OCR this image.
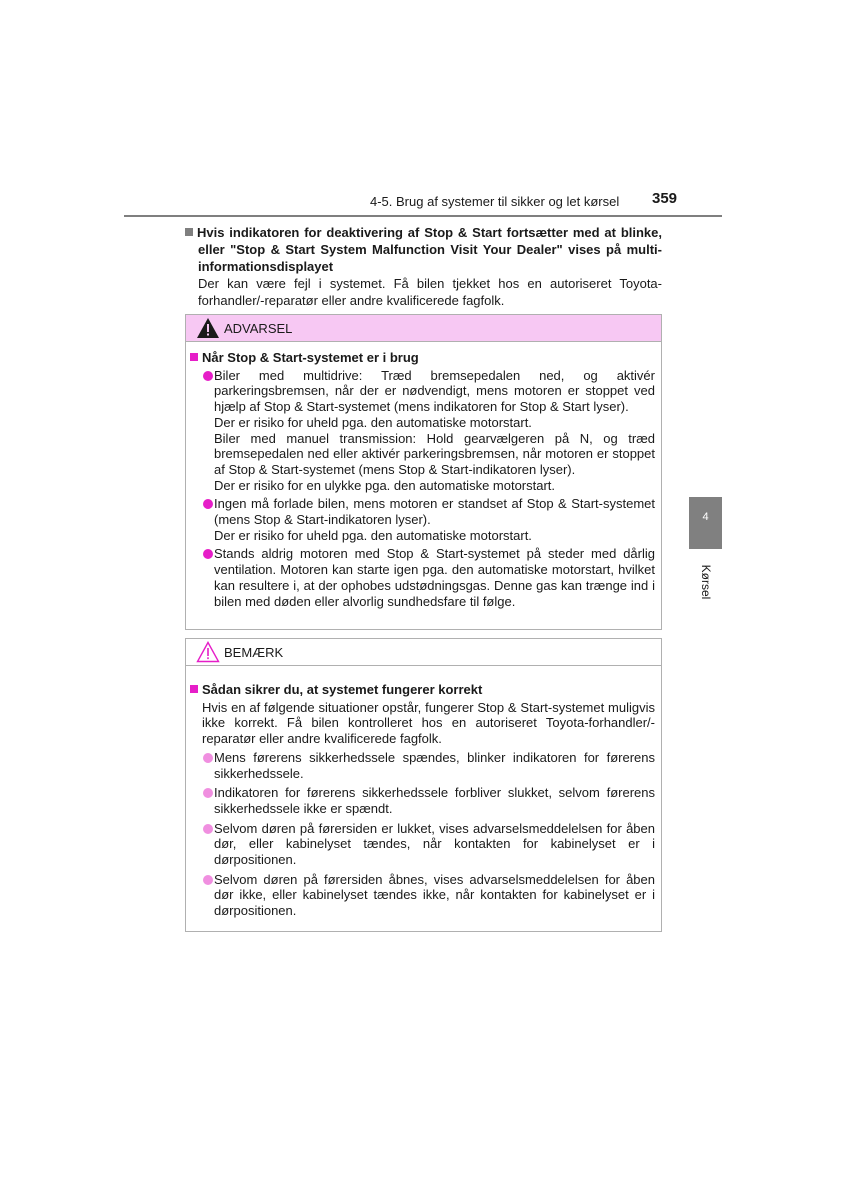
4-5. Brug af systemer til sikker og let kørsel 359
Hvis indikatoren for deaktivering af Stop & Start fortsætter med at blinke, eller "Stop & Start System Malfunction Visit Your Dealer" vises på multi-informationsdisplayet
Der kan være fejl i systemet. Få bilen tjekket hos en autoriseret Toyota-forhandler/-reparatør eller andre kvalificerede fagfolk.
ADVARSEL
Når Stop & Start-systemet er i brug
Biler med multidrive: Træd bremsepedalen ned, og aktivér parkeringsbremsen, når der er nødvendigt, mens motoren er stoppet ved hjælp af Stop & Start-systemet (mens indikatoren for Stop & Start lyser).
Der er risiko for uheld pga. den automatiske motorstart.
Biler med manuel transmission: Hold gearvælgeren på N, og træd bremsepedalen ned eller aktivér parkeringsbremsen, når motoren er stoppet af Stop & Start-systemet (mens Stop & Start-indikatoren lyser).
Der er risiko for en ulykke pga. den automatiske motorstart.
Ingen må forlade bilen, mens motoren er standset af Stop & Start-systemet (mens Stop & Start-indikatoren lyser).
Der er risiko for uheld pga. den automatiske motorstart.
Stands aldrig motoren med Stop & Start-systemet på steder med dårlig ventilation. Motoren kan starte igen pga. den automatiske motorstart, hvilket kan resultere i, at der ophobes udstødningsgas. Denne gas kan trænge ind i bilen med døden eller alvorlig sundhedsfare til følge.
BEMÆRK
Sådan sikrer du, at systemet fungerer korrekt
Hvis en af følgende situationer opstår, fungerer Stop & Start-systemet muligvis ikke korrekt. Få bilen kontrolleret hos en autoriseret Toyota-forhandler/-reparatør eller andre kvalificerede fagfolk.
Mens førerens sikkerhedssele spændes, blinker indikatoren for førerens sikkerhedssele.
Indikatoren for førerens sikkerhedssele forbliver slukket, selvom førerens sikkerhedssele ikke er spændt.
Selvom døren på førersiden er lukket, vises advarselsmeddelelsen for åben dør, eller kabinelyset tændes, når kontakten for kabinelyset er i dørpositionen.
Selvom døren på førersiden åbnes, vises advarselsmeddelelsen for åben dør ikke, eller kabinelyset tændes ikke, når kontakten for kabinelyset er i dørpositionen.
4
Kørsel
